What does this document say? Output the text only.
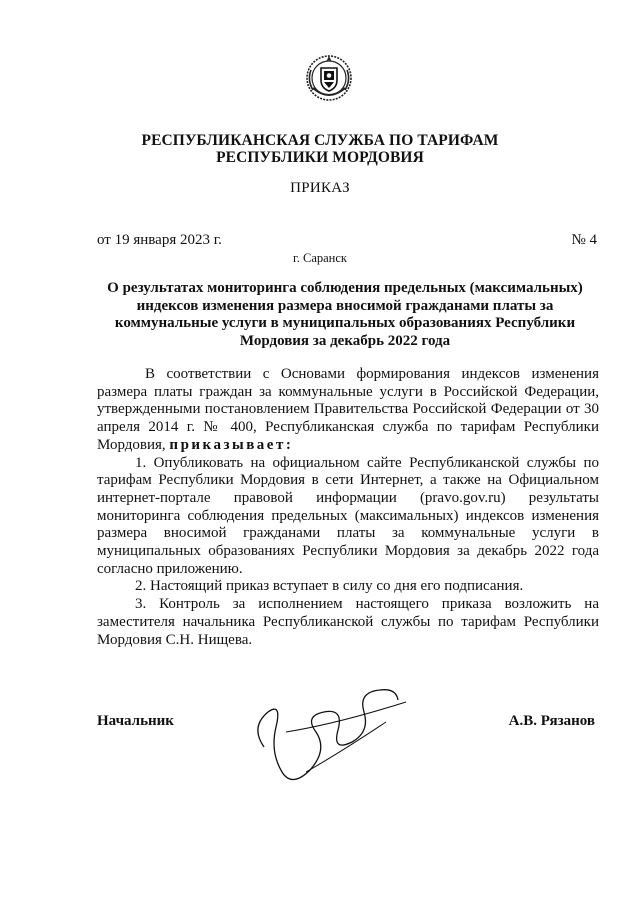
РЕСПУБЛИКАНСКАЯ СЛУЖБА ПО ТАРИФАМ
РЕСПУБЛИКИ МОРДОВИЯ
ПРИКАЗ
от 19 января 2023 г.	№ 4
г. Саранск
О результатах мониторинга соблюдения предельных (максимальных) индексов изменения размера вносимой гражданами платы за коммунальные услуги в муниципальных образованиях Республики Мордовия за декабрь 2022 года

В соответствии с Основами формирования индексов изменения размера платы граждан за коммунальные услуги в Российской Федерации, утвержденными постановлением Правительства Российской Федерации от 30 апреля 2014 г. № 400, Республиканская служба по тарифам Республики Мордовия, приказывает:

1. Опубликовать на официальном сайте Республиканской службы по тарифам Республики Мордовия в сети Интернет, а также на Официальном интернет-портале правовой информации (pravo.gov.ru) результаты мониторинга соблюдения предельных (максимальных) индексов изменения размера вносимой гражданами платы за коммунальные услуги в муниципальных образованиях Республики Мордовия за декабрь 2022 года согласно приложению.

2. Настоящий приказ вступает в силу со дня его подписания.

3. Контроль за исполнением настоящего приказа возложить на заместителя начальника Республиканской службы по тарифам Республики Мордовия С.Н. Нищева.

Начальник	А.В. Рязанов
